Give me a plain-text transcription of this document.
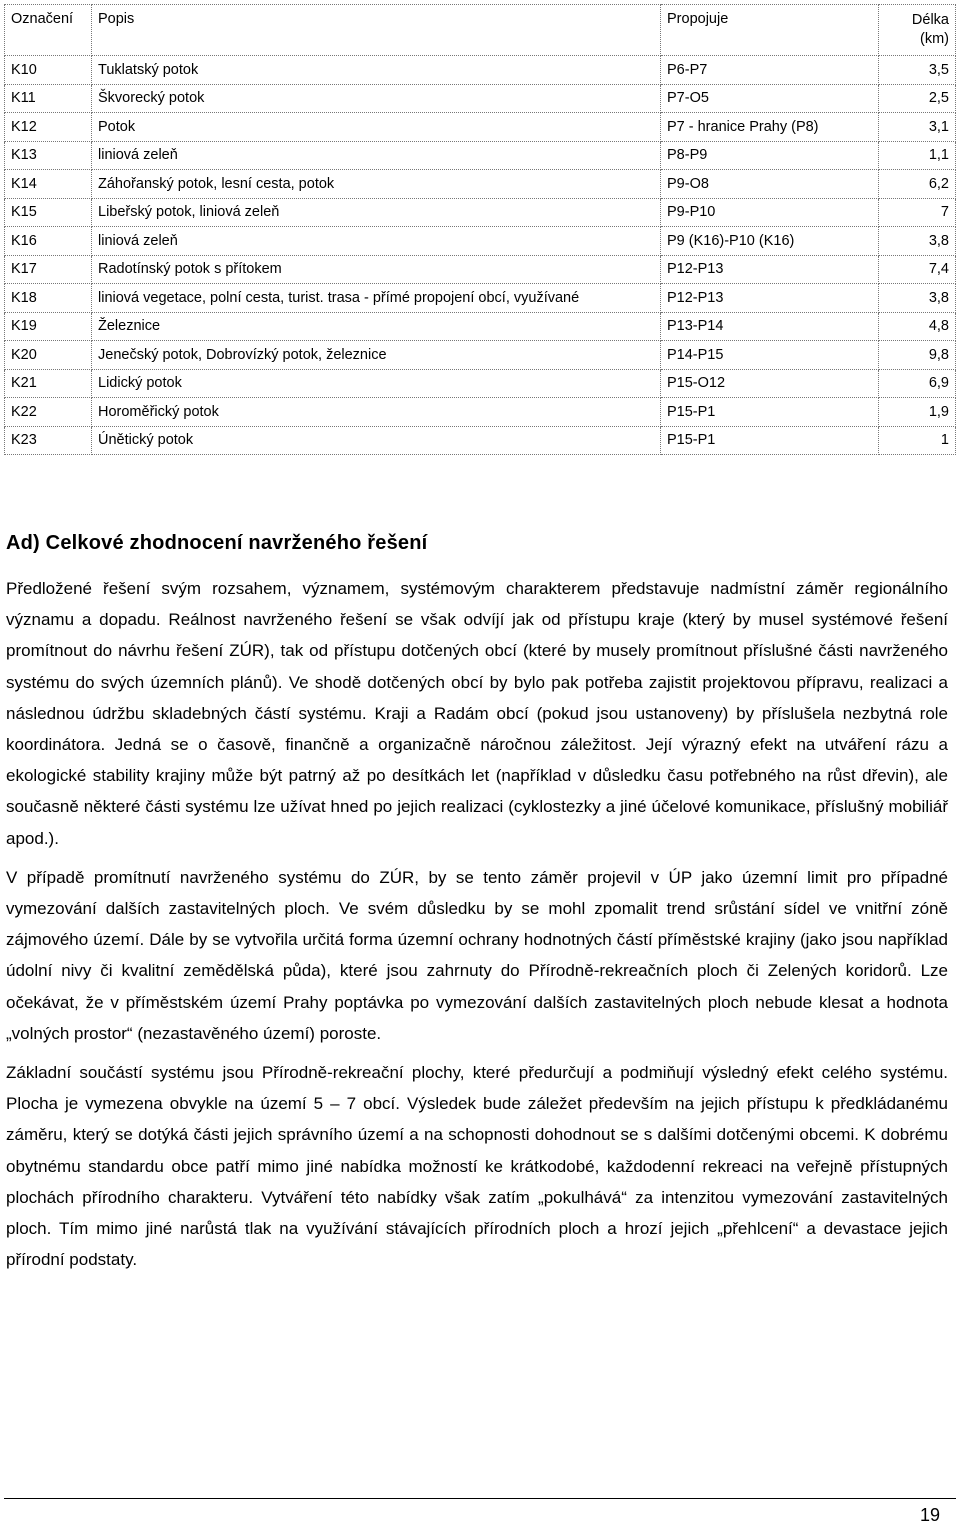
Označení	Popis	Propojuje	Délka
(km)
K10	Tuklatský potok	P6-P7	3,5
K11	Škvorecký potok	P7-O5	2,5
K12	Potok	P7 - hranice Prahy (P8)	3,1
K13	liniová zeleň	P8-P9	1,1
K14	Záhořanský potok, lesní cesta, potok	P9-O8	6,2
K15	Libeřský potok, liniová zeleň	P9-P10	7
K16	liniová zeleň	P9 (K16)-P10 (K16)	3,8
K17	Radotínský potok s přítokem	P12-P13	7,4
K18	liniová vegetace, polní cesta, turist. trasa - přímé propojení obcí, využívané	P12-P13	3,8
K19	Železnice	P13-P14	4,8
K20	Jenečský potok, Dobrovízký potok, železnice	P14-P15	9,8
K21	Lidický potok	P15-O12	6,9
K22	Horoměřický potok	P15-P1	1,9
K23	Únětický potok	P15-P1	1
Ad) Celkové zhodnocení navrženého řešení

Předložené řešení svým rozsahem, významem, systémovým charakterem představuje nadmístní záměr regionálního významu a dopadu. Reálnost navrženého řešení se však odvíjí jak od přístupu kraje (který by musel systémové řešení promítnout do návrhu řešení ZÚR), tak od přístupu dotčených obcí (které by musely promítnout příslušné části navrženého systému do svých územních plánů). Ve shodě dotčených obcí by bylo pak potřeba zajistit projektovou přípravu, realizaci a následnou údržbu skladebných částí systému. Kraji a Radám obcí (pokud jsou ustanoveny) by příslušela nezbytná role koordinátora. Jedná se o časově, finančně a organizačně náročnou záležitost. Její výrazný efekt na utváření rázu a ekologické stability krajiny může být patrný až po desítkách let (například v důsledku času potřebného na růst dřevin), ale současně některé části systému lze užívat hned po jejich realizaci (cyklostezky a jiné účelové komunikace, příslušný mobiliář apod.).

V případě promítnutí navrženého systému do ZÚR, by se tento záměr projevil v ÚP jako územní limit pro případné vymezování dalších zastavitelných ploch. Ve svém důsledku by se mohl zpomalit trend srůstání sídel ve vnitřní zóně zájmového území. Dále by se vytvořila určitá forma územní ochrany hodnotných částí příměstské krajiny (jako jsou například údolní nivy či kvalitní zemědělská půda), které jsou zahrnuty do Přírodně-rekreačních ploch či Zelených koridorů. Lze očekávat, že v příměstském území Prahy poptávka po vymezování dalších zastavitelných ploch nebude klesat a hodnota „volných prostor“ (nezastavěného území) poroste.

Základní součástí systému jsou Přírodně-rekreační plochy, které předurčují a podmiňují výsledný efekt celého systému. Plocha je vymezena obvykle na území 5 – 7 obcí. Výsledek bude záležet především na jejich přístupu k předkládanému záměru, který se dotýká části jejich správního území a na schopnosti dohodnout se s dalšími dotčenými obcemi. K dobrému obytnému standardu obce patří mimo jiné nabídka možností ke krátkodobé, každodenní rekreaci na veřejně přístupných plochách přírodního charakteru. Vytváření této nabídky však zatím „pokulhává“ za intenzitou vymezování zastavitelných ploch. Tím mimo jiné narůstá tlak na využívání stávajících přírodních ploch a hrozí jejich „přehlcení“ a devastace jejich přírodní podstaty.

19
